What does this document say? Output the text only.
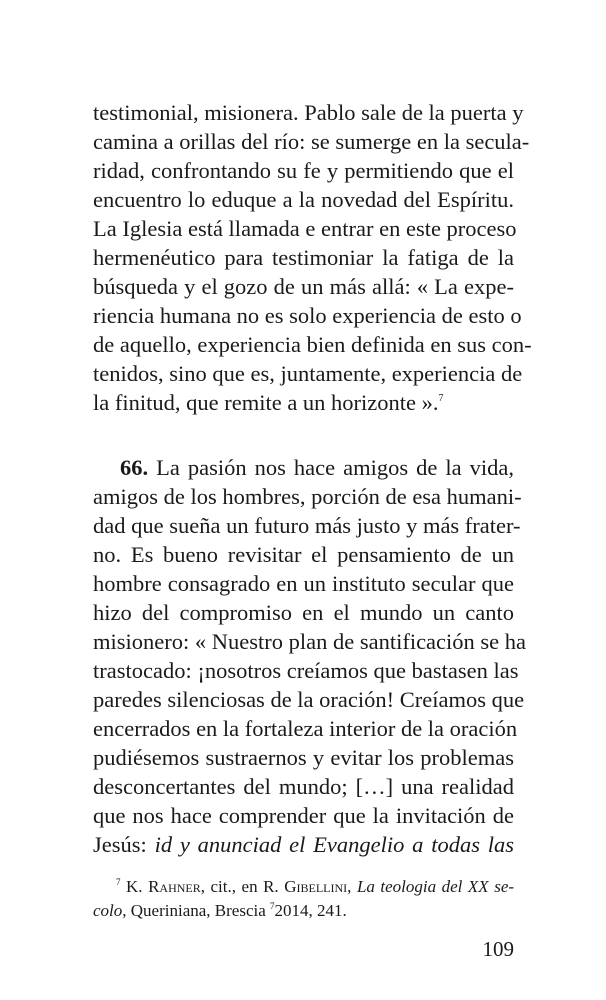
testimonial, misionera. Pablo sale de la puerta y
camina a orillas del río: se sumerge en la secula-
ridad, confrontando su fe y permitiendo que el
encuentro lo eduque a la novedad del Espíritu.
La Iglesia está llamada e entrar en este proceso
hermenéutico para testimoniar la fatiga de la
búsqueda y el gozo de un más allá: « La expe-
riencia humana no es solo experiencia de esto o
de aquello, experiencia bien definida en sus con-
tenidos, sino que es, juntamente, experiencia de
la finitud, que remite a un horizonte ».$^7$
66. La pasión nos hace amigos de la vida,
amigos de los hombres, porción de esa humani-
dad que sueña un futuro más justo y más frater-
no. Es bueno revisitar el pensamiento de un
hombre consagrado en un instituto secular que
hizo del compromiso en el mundo un canto
misionero: « Nuestro plan de santificación se ha
trastocado: ¡nosotros creíamos que bastasen las
paredes silenciosas de la oración! Creíamos que
encerrados en la fortaleza interior de la oración
pudiésemos sustraernos y evitar los problemas
desconcertantes del mundo; […] una realidad
que nos hace comprender que la invitación de
Jesús: id y anunciad el Evangelio a todas las
$^7$ K. Rahner, cit., en R. Gibellini, La teologia del XX se-
colo, Queriniana, Brescia $^7$2014, 241.
109
